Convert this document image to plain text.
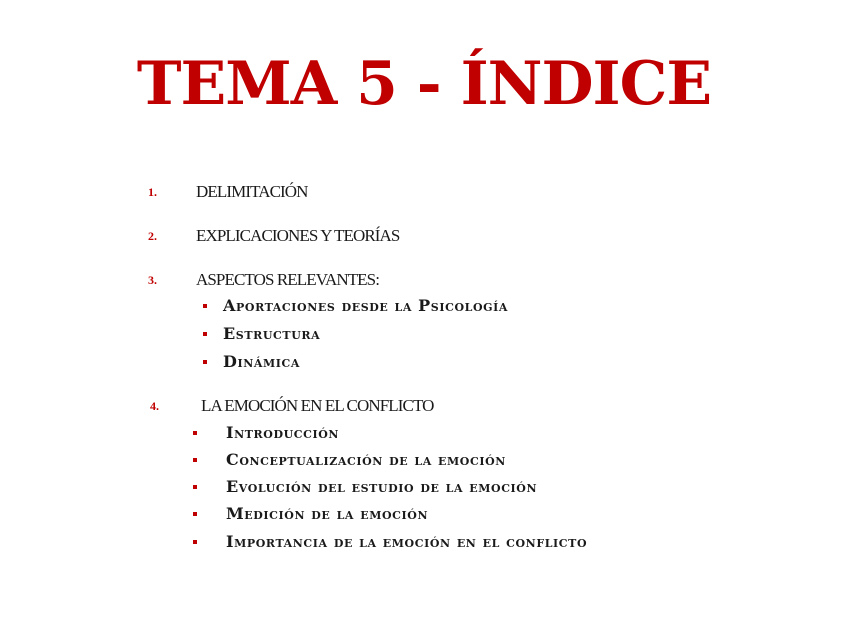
TEMA 5 - ÍNDICE
1. DELIMITACIÓN
2. EXPLICACIONES Y TEORÍAS
3. ASPECTOS RELEVANTES:
Aportaciones desde la Psicología
Estructura
Dinámica
4. LA EMOCIÓN EN EL CONFLICTO
Introducción
Conceptualización de la emoción
Evolución del estudio de la emoción
Medición de la emoción
Importancia de la emoción en el conflicto
